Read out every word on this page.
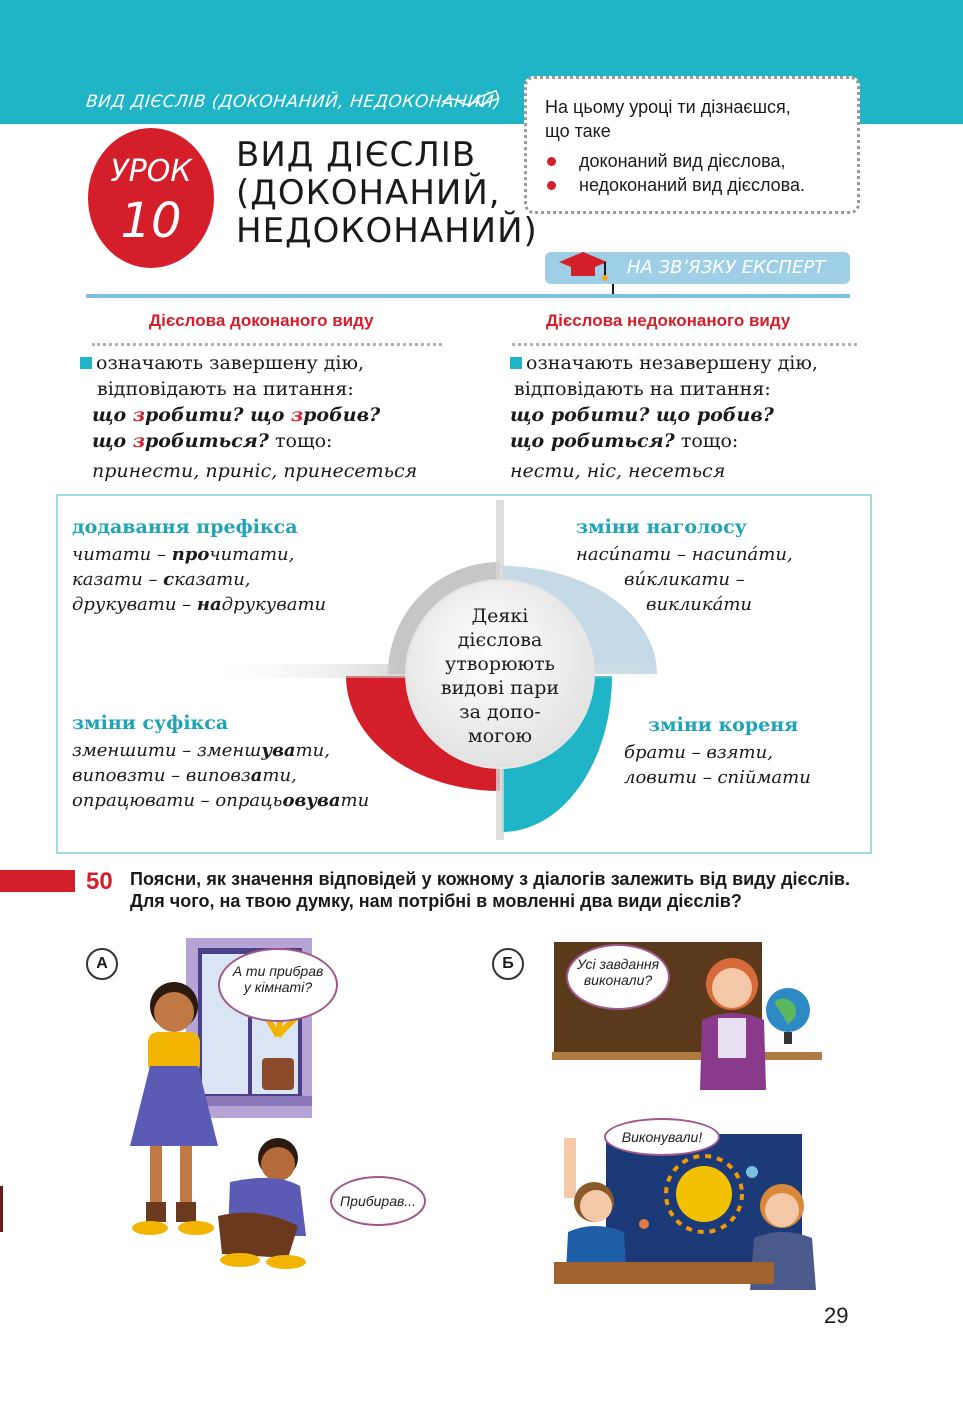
ВИД ДІЄСЛІВ (ДОКОНАНИЙ, НЕДОКОНАНИЙ) На цьому уроці ти дізнаєшся,
що таке
доконаний вид дієслова,
недоконаний вид дієслова.
УРОК
10
ВИД ДІЄСЛІВ
(ДОКОНАНИЙ,
НЕДОКОНАНИЙ)
НА ЗВ’ЯЗКУ ЕКСПЕРТ
Дієслова доконаного виду	Дієслова недоконаного виду
означають завершену дію,
відповідають на питання:
що зробити? що зробив?
що зробиться? тощо:
принести, приніс, принесеться
означають незавершену дію,
відповідають на питання:
що робити? що робив?
що робиться? тощо:
нести, ніс, несеться
Деякі
дієслова
утворюють
видові пари
за допо-
могою
додавання префікса
читати – прочитати,
казати – сказати,
друкувати – надрукувати
зміни наголосу
наси́пати – насипа́ти,
ви́кликати –
виклика́ти
зміни суфікса
зменшити – зменшувати,
виповзти – виповзати,
опрацювати – опрацьовувати
зміни кореня
брати – взяти,
ловити – спіймати
50 Поясни, як значення відповідей у кожному з діалогів залежить від виду дієслів. Для чого, на твою думку, нам потрібні в мовленні два види дієслів?
А	А ти прибрав
у кімнаті?
Прибирав...
Б	Усі завдання
виконали?
Виконували!
29
